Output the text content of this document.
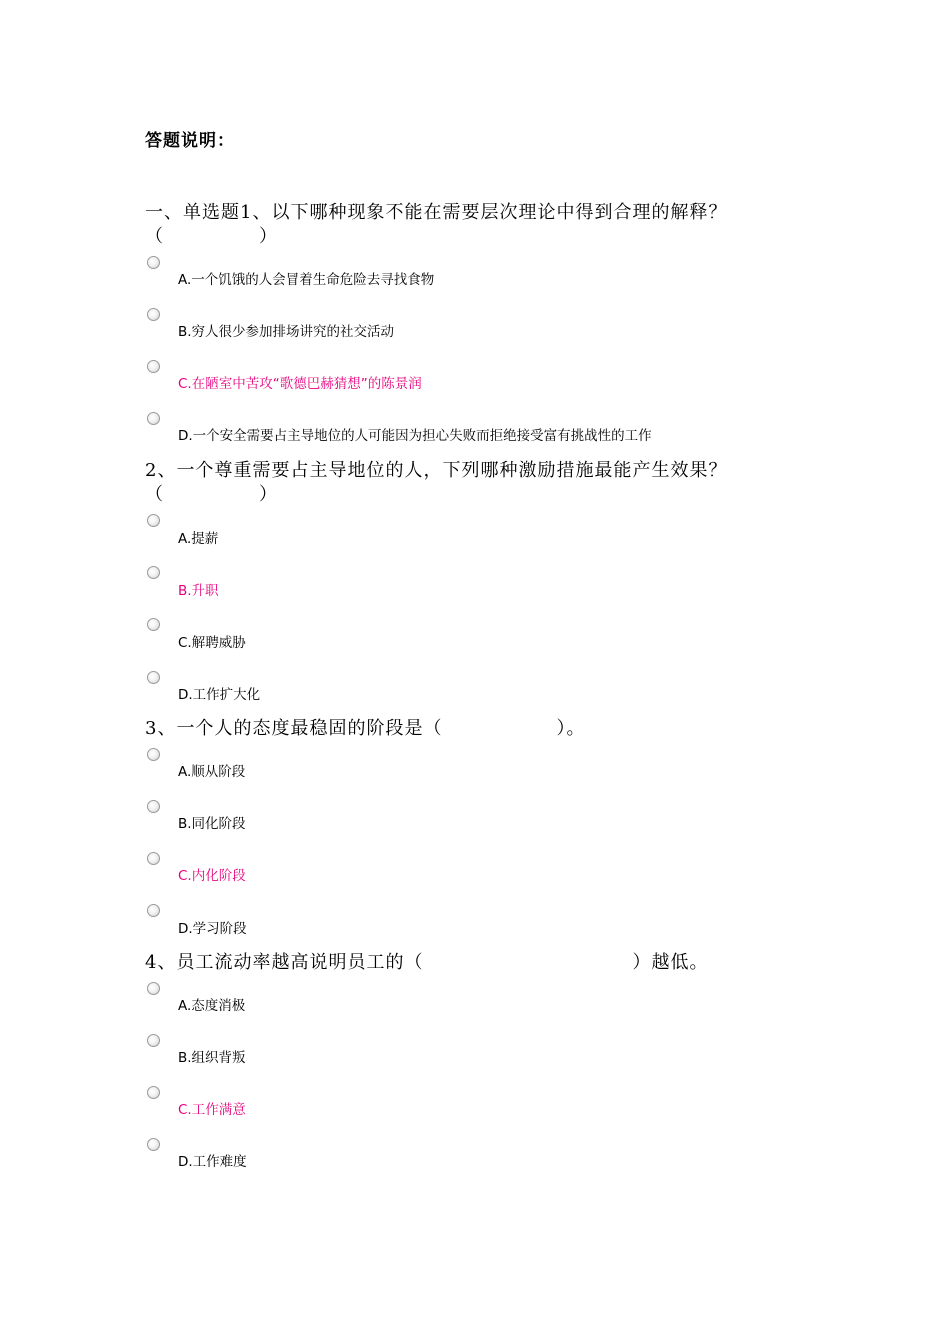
答题说明：
一、单选题1、以下哪种现象不能在需要层次理论中得到合理的解释？（　　　　　）
A.一个饥饿的人会冒着生命危险去寻找食物
B.穷人很少参加排场讲究的社交活动
C.在陋室中苦攻“歌德巴赫猜想”的陈景润
D.一个安全需要占主导地位的人可能因为担心失败而拒绝接受富有挑战性的工作
2、一个尊重需要占主导地位的人，下列哪种激励措施最能产生效果？（　　　　　）
A.提薪
B.升职
C.解聘威胁
D.工作扩大化
3、一个人的态度最稳固的阶段是（　　　　　　）。
A.顺从阶段
B.同化阶段
C.内化阶段
D.学习阶段
4、员工流动率越高说明员工的（　　　　　　　　　　　）越低。
A.态度消极
B.组织背叛
C.工作满意
D.工作难度
